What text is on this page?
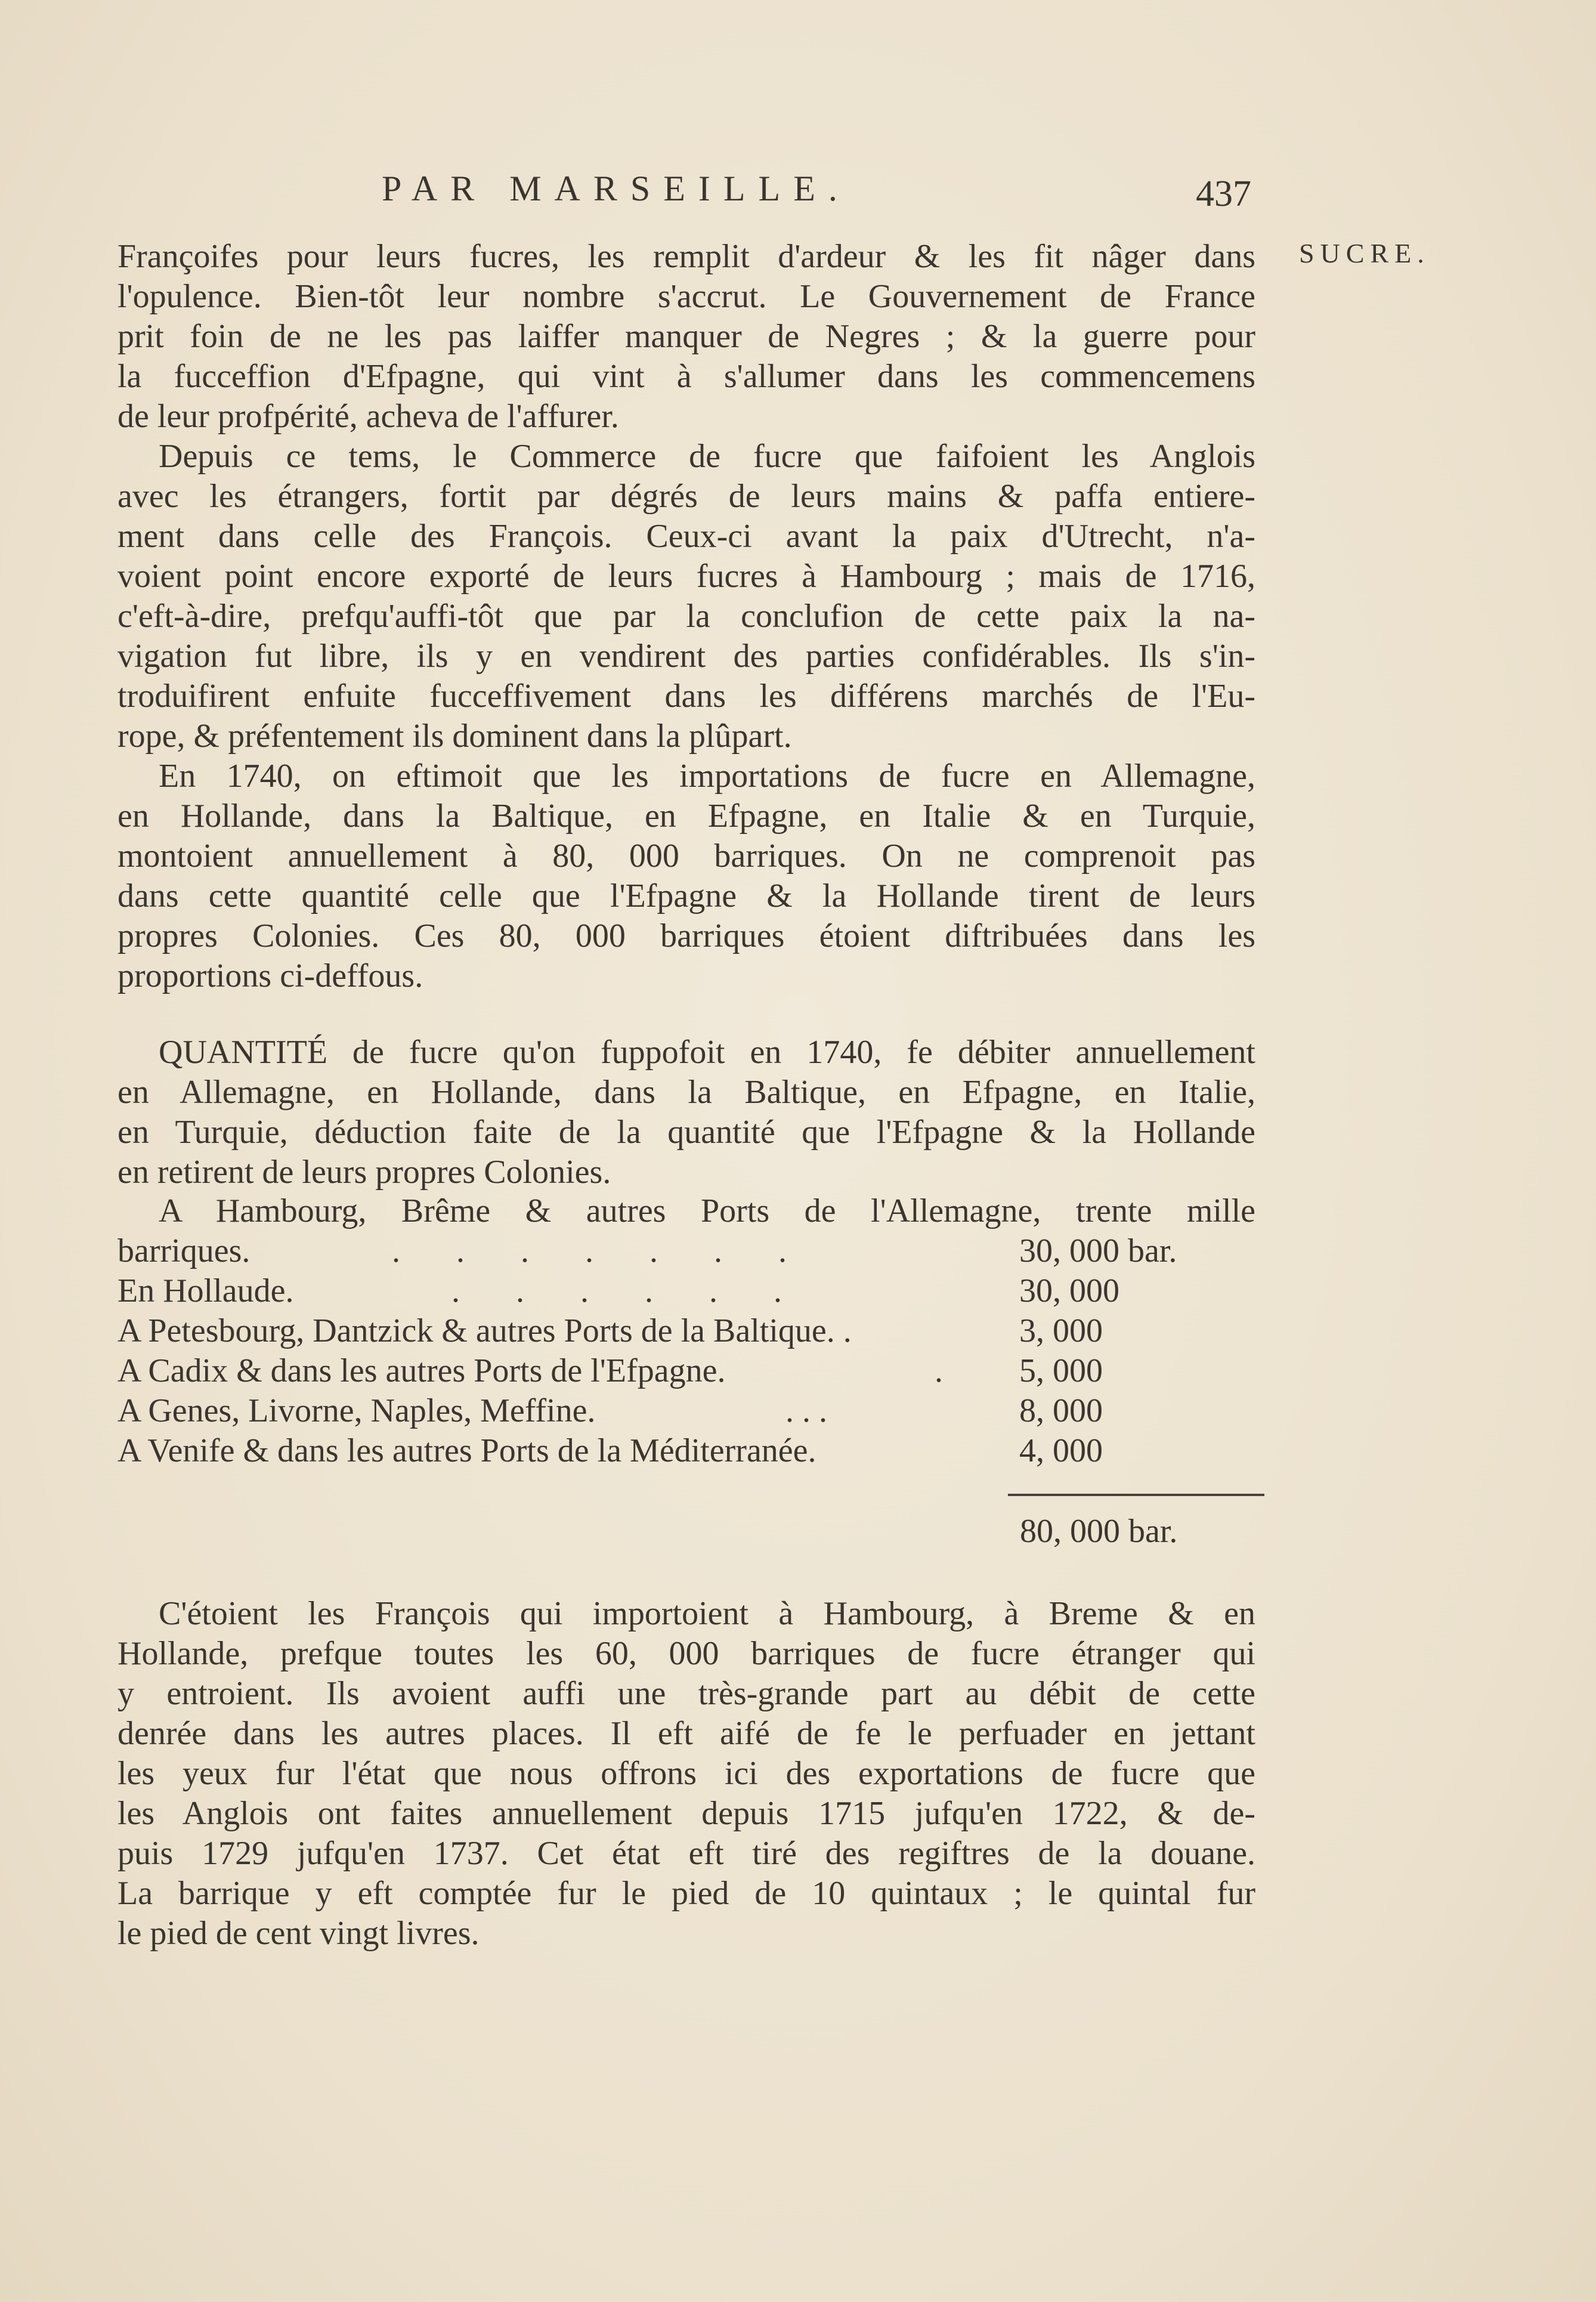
PAR MARSEILLE.	437
SUCRE.
Françoifes pour leurs fucres, les remplit d'ardeur & les fit nâger dans
l'opulence. Bien-tôt leur nombre s'accrut. Le Gouvernement de France
prit foin de ne les pas laiffer manquer de Negres ; & la guerre pour
la fucceffion d'Efpagne, qui vint à s'allumer dans les commencemens
de leur profpérité, acheva de l'affurer.
Depuis ce tems, le Commerce de fucre que faifoient les Anglois
avec les étrangers, fortit par dégrés de leurs mains & paffa entiere-
ment dans celle des François. Ceux-ci avant la paix d'Utrecht, n'a-
voient point encore exporté de leurs fucres à Hambourg ; mais de 1716,
c'eft-à-dire, prefqu'auffi-tôt que par la conclufion de cette paix la na-
vigation fut libre, ils y en vendirent des parties confidérables. Ils s'in-
troduifirent enfuite fucceffivement dans les différens marchés de l'Eu-
rope, & préfentement ils dominent dans la plûpart.
En 1740, on eftimoit que les importations de fucre en Allemagne,
en Hollande, dans la Baltique, en Efpagne, en Italie & en Turquie,
montoient annuellement à 80, 000 barriques. On ne comprenoit pas
dans cette quantité celle que l'Efpagne & la Hollande tirent de leurs
propres Colonies. Ces 80, 000 barriques étoient diftribuées dans les
proportions ci-deffous.
QUANTITÉ de fucre qu'on fuppofoit en 1740, fe débiter annuellement
en Allemagne, en Hollande, dans la Baltique, en Efpagne, en Italie,
en Turquie, déduction faite de la quantité que l'Efpagne & la Hollande
en retirent de leurs propres Colonies.
A Hambourg, Brême & autres Ports de l'Allemagne, trente mille
barriques.	. . . . . . .	30, 000 bar.
En Hollaude.	. . . . . .	30, 000
A Petesbourg, Dantzick & autres Ports de la Baltique. .	3, 000
A Cadix & dans les autres Ports de l'Efpagne.	. 5, 000
A Genes, Livorne, Naples, Meffine.	. . .	8, 000
A Venife & dans les autres Ports de la Méditerranée.	4, 000
80, 000 bar.
C'étoient les François qui importoient à Hambourg, à Breme & en
Hollande, prefque toutes les 60, 000 barriques de fucre étranger qui
y entroient. Ils avoient auffi une très-grande part au débit de cette
denrée dans les autres places. Il eft aifé de fe le perfuader en jettant
les yeux fur l'état que nous offrons ici des exportations de fucre que
les Anglois ont faites annuellement depuis 1715 jufqu'en 1722, & de-
puis 1729 jufqu'en 1737. Cet état eft tiré des regiftres de la douane.
La barrique y eft comptée fur le pied de 10 quintaux ; le quintal fur
le pied de cent vingt livres.
